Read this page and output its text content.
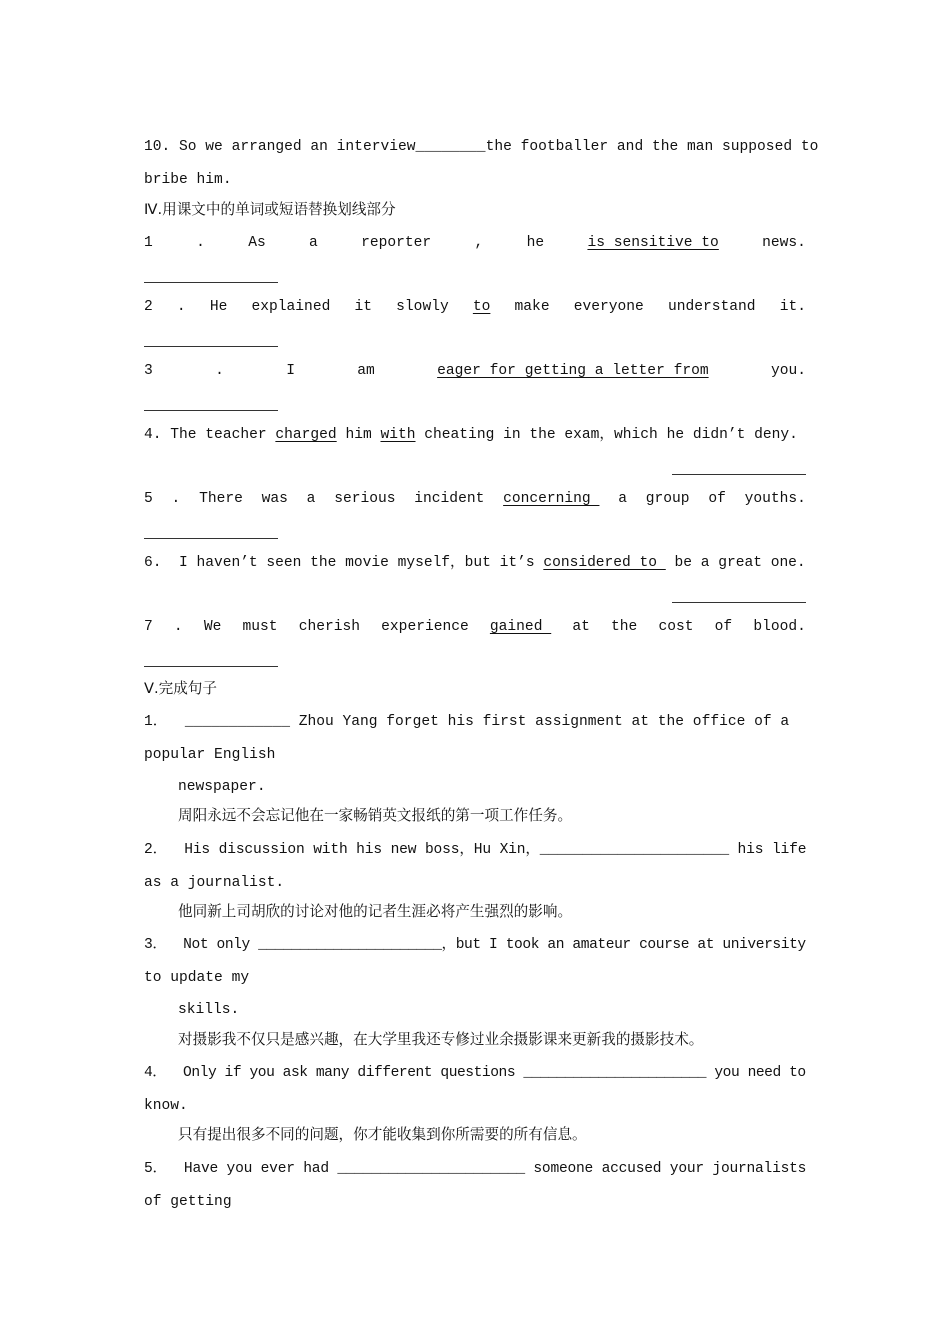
10. So we arranged an interview ________ the footballer and the man supposed to
bribe him.
Ⅳ.用课文中的单词或短语替换划线部分
1	.	As	a	reporter	,	he	is sensitive to	news.
2 . He explained it slowly to make everyone understand it.
3	.	I	am	eager for getting a letter from	you.
4. The teacher charged him with cheating in the exam，which he didn’t deny.
5 . There was a serious incident concerning a group of youths.
6.  I haven’t seen the movie myself，but it’s considered to  be a great one.
7 . We must cherish experience gained at the cost of blood.
Ⅴ.完成句子
1．  ____________ Zhou Yang forget his first assignment at the office of a
popular English
newspaper.
周阳永远不会忘记他在一家畅销英文报纸的第一项工作任务。
2．  His discussion with his new boss，Hu Xin，______________________ his life
as a journalist.
他同新上司胡欣的讨论对他的记者生涯必将产生强烈的影响。
3．  Not only ______________________，but I took an amateur course at university
to update my
skills.
对摄影我不仅只是感兴趣，在大学里我还专修过业余摄影课来更新我的摄影技术。
4．  Only if you ask many different questions ______________________ you need to
know.
只有提出很多不同的问题，你才能收集到你所需要的所有信息。
5．  Have you ever had ______________________ someone accused your journalists
of getting
